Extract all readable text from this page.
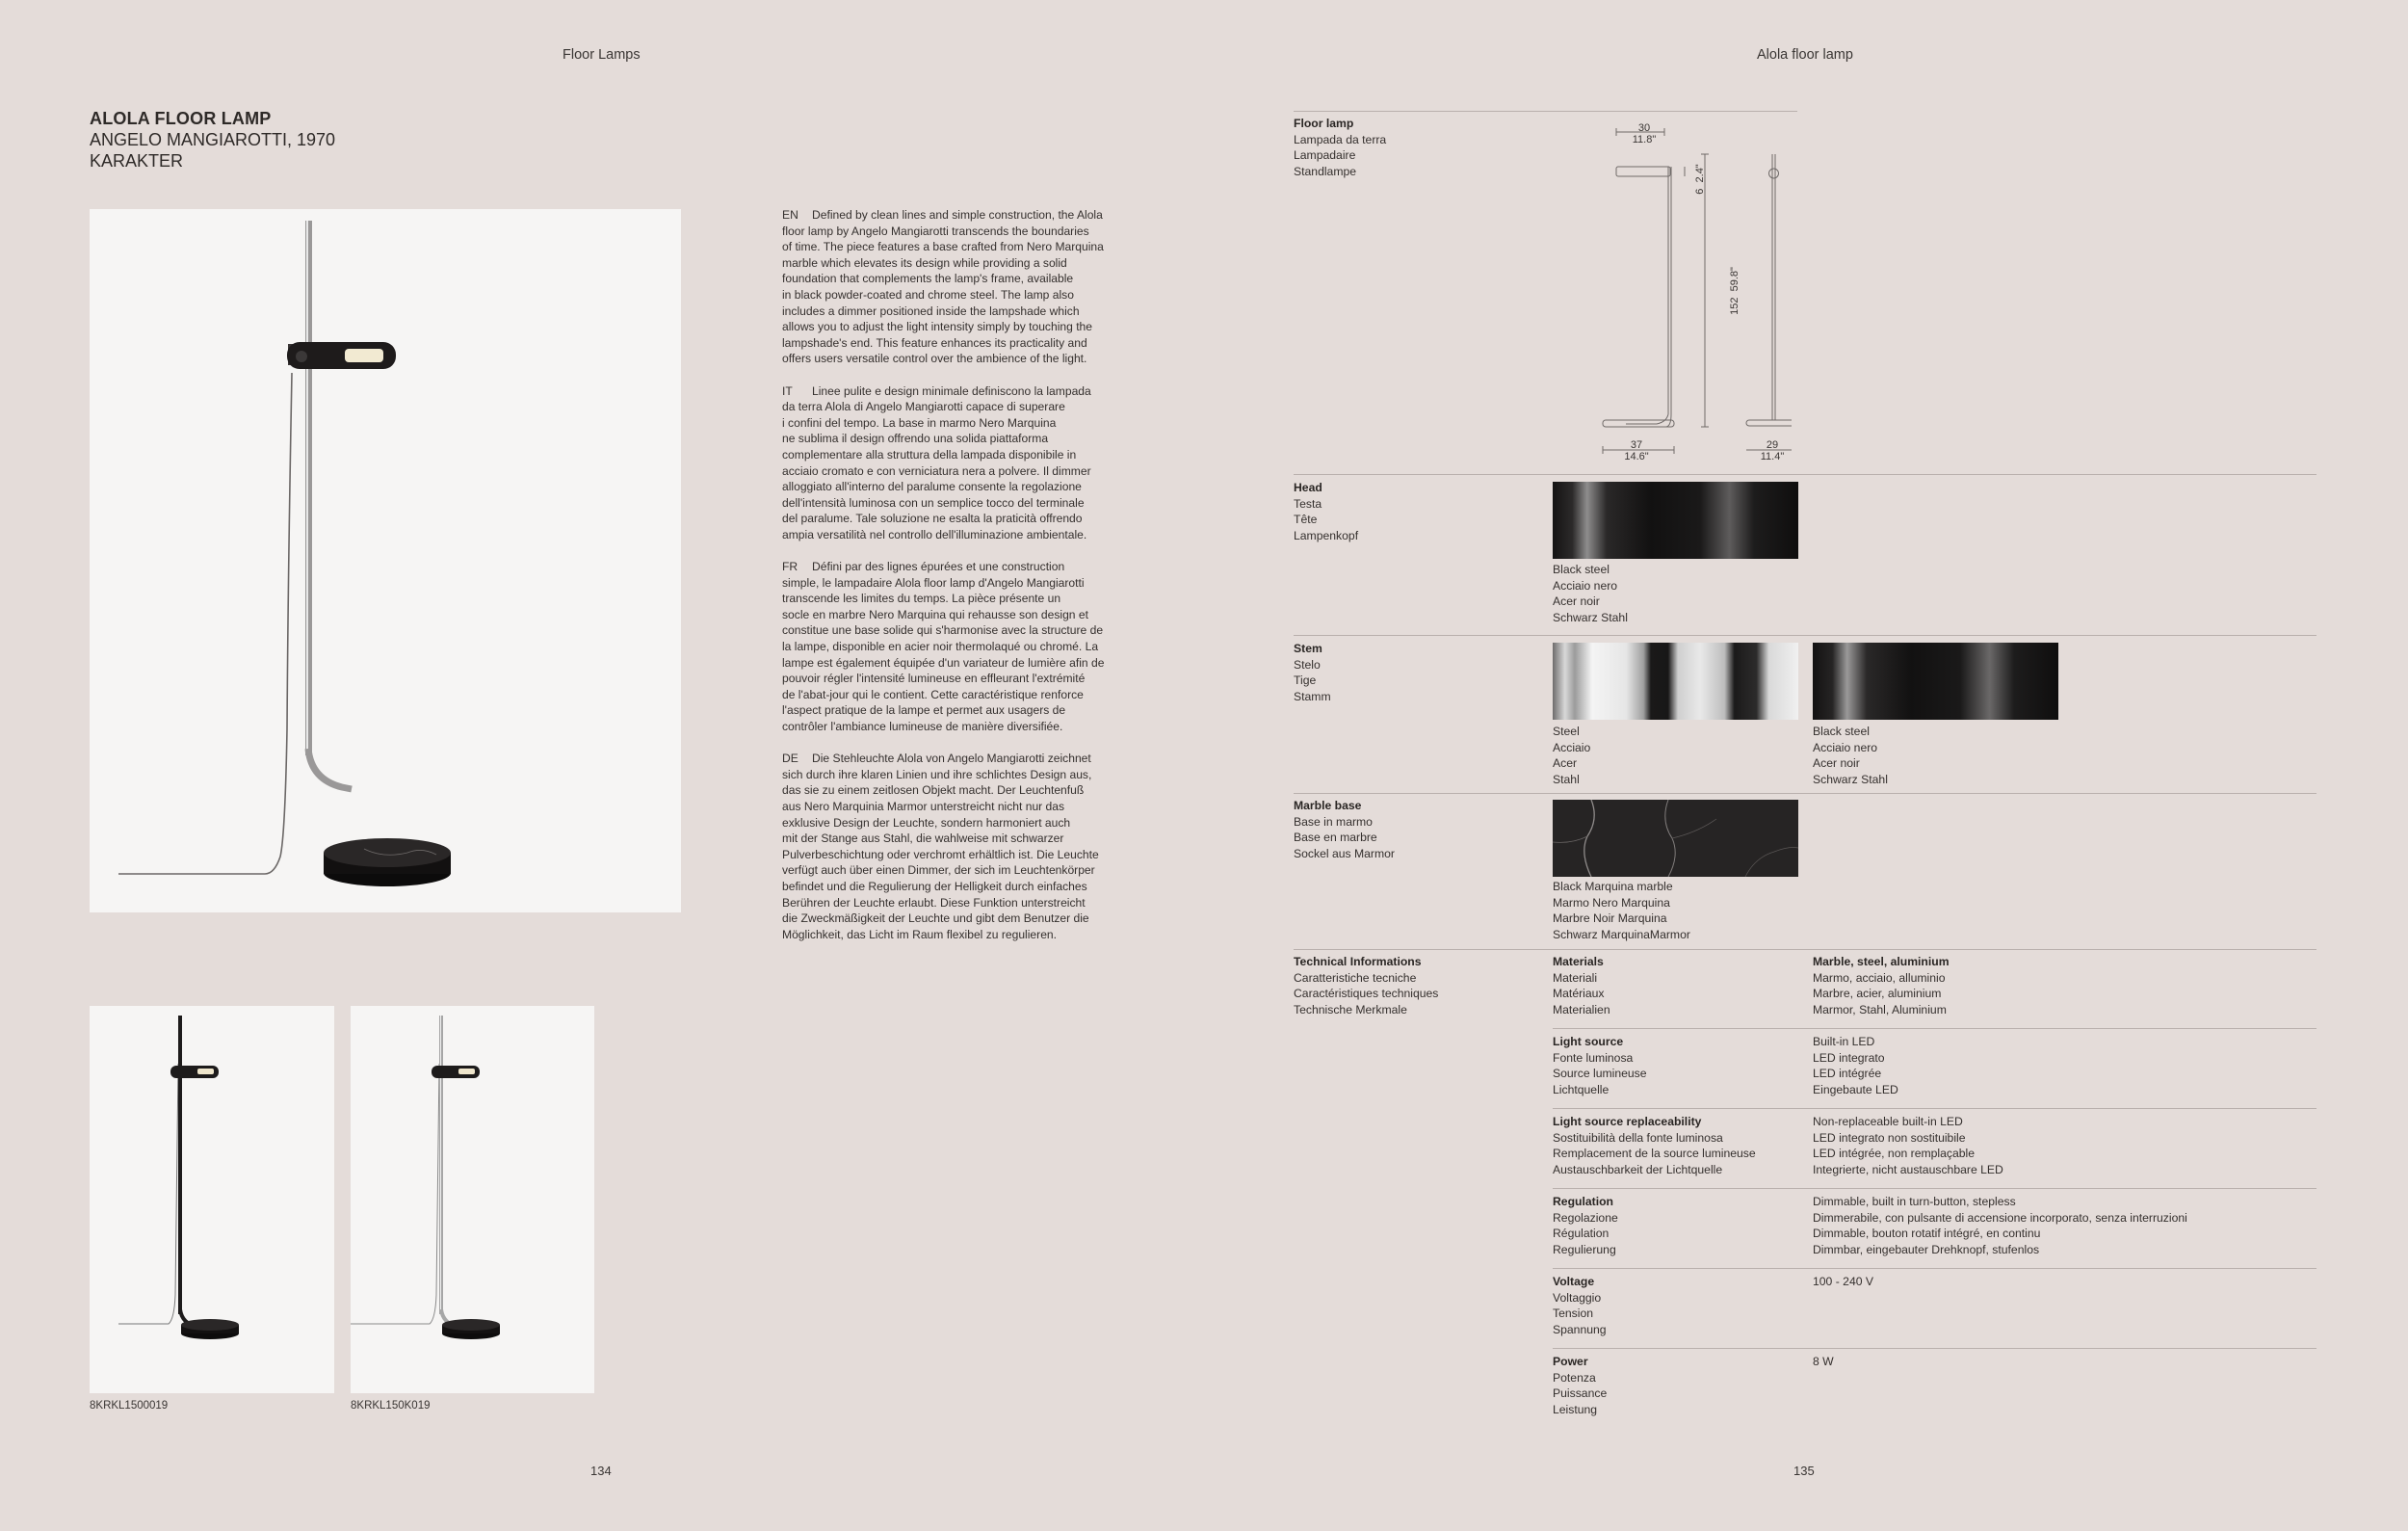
Floor Lamps
ALOLA FLOOR LAMP
ANGELO MANGIAROTTI, 1970
KARAKTER

EN Defined by clean lines and simple construction, the Alola
floor lamp by Angelo Mangiarotti transcends the boundaries
of time. The piece features a base crafted from Nero Marquina
marble which elevates its design while providing a solid
foundation that complements the lamp's frame, available
in black powder-coated and chrome steel. The lamp also
includes a dimmer positioned inside the lampshade which
allows you to adjust the light intensity simply by touching the
lampshade's end. This feature enhances its practicality and
offers users versatile control over the ambience of the light.

IT Linee pulite e design minimale definiscono la lampada
da terra Alola di Angelo Mangiarotti capace di superare
i confini del tempo. La base in marmo Nero Marquina
ne sublima il design offrendo una solida piattaforma
complementare alla struttura della lampada disponibile in
acciaio cromato e con verniciatura nera a polvere. Il dimmer
alloggiato all'interno del paralume consente la regolazione
dell'intensità luminosa con un semplice tocco del terminale
del paralume. Tale soluzione ne esalta la praticità offrendo
ampia versatilità nel controllo dell'illuminazione ambientale.

FR Défini par des lignes épurées et une construction
simple, le lampadaire Alola floor lamp d'Angelo Mangiarotti
transcende les limites du temps. La pièce présente un
socle en marbre Nero Marquina qui rehausse son design et
constitue une base solide qui s'harmonise avec la structure de
la lampe, disponible en acier noir thermolaqué ou chromé. La
lampe est également équipée d'un variateur de lumière afin de
pouvoir régler l'intensité lumineuse en effleurant l'extrémité
de l'abat-jour qui le contient. Cette caractéristique renforce
l'aspect pratique de la lampe et permet aux usagers de
contrôler l'ambiance lumineuse de manière diversifiée.

DE Die Stehleuchte Alola von Angelo Mangiarotti zeichnet
sich durch ihre klaren Linien und ihre schlichtes Design aus,
das sie zu einem zeitlosen Objekt macht. Der Leuchtenfuß
aus Nero Marquinia Marmor unterstreicht nicht nur das
exklusive Design der Leuchte, sondern harmoniert auch
mit der Stange aus Stahl, die wahlweise mit schwarzer
Pulverbeschichtung oder verchromt erhältlich ist. Die Leuchte
verfügt auch über einen Dimmer, der sich im Leuchtenkörper
befindet und die Regulierung der Helligkeit durch einfaches
Berühren der Leuchte erlaubt. Diese Funktion unterstreicht
die Zweckmäßigkeit der Leuchte und gibt dem Benutzer die
Möglichkeit, das Licht im Raum flexibel zu regulieren.

8KRKL1500019	8KRKL150K019
134
Alola floor lamp
Floor lamp
Lampada da terra
Lampadaire
Standlampe
30
11.8"
6  2.4"
152  59.8"
37
14.6"
29
11.4"
Head
Testa
Tête
Lampenkopf
Black steel
Acciaio nero
Acer noir
Schwarz Stahl
Stem
Stelo
Tige
Stamm
Steel
Acciaio
Acer
Stahl
Black steel
Acciaio nero
Acer noir
Schwarz Stahl
Marble base
Base in marmo
Base en marbre
Sockel aus Marmor
Black Marquina marble
Marmo Nero Marquina
Marbre Noir Marquina
Schwarz MarquinaMarmor
Technical Informations
Caratteristiche tecniche
Caractéristiques techniques
Technische Merkmale
Materials
Materiali
Matériaux
Materialien
Marble, steel, aluminium
Marmo, acciaio, alluminio
Marbre, acier, aluminium
Marmor, Stahl, Aluminium
Light source
Fonte luminosa
Source lumineuse
Lichtquelle
Built-in LED
LED integrato
LED intégrée
Eingebaute LED
Light source replaceability
Sostituibilità della fonte luminosa
Remplacement de la source lumineuse
Austauschbarkeit der Lichtquelle
Non-replaceable built-in LED
LED integrato non sostituibile
LED intégrée, non remplaçable
Integrierte, nicht austauschbare LED
Regulation
Regolazione
Régulation
Regulierung
Dimmable, built in turn-button, stepless
Dimmerabile, con pulsante di accensione incorporato, senza interruzioni
Dimmable, bouton rotatif intégré, en continu
Dimmbar, eingebauter Drehknopf, stufenlos
Voltage
Voltaggio
Tension
Spannung
100 - 240 V
Power
Potenza
Puissance
Leistung
8 W
135
